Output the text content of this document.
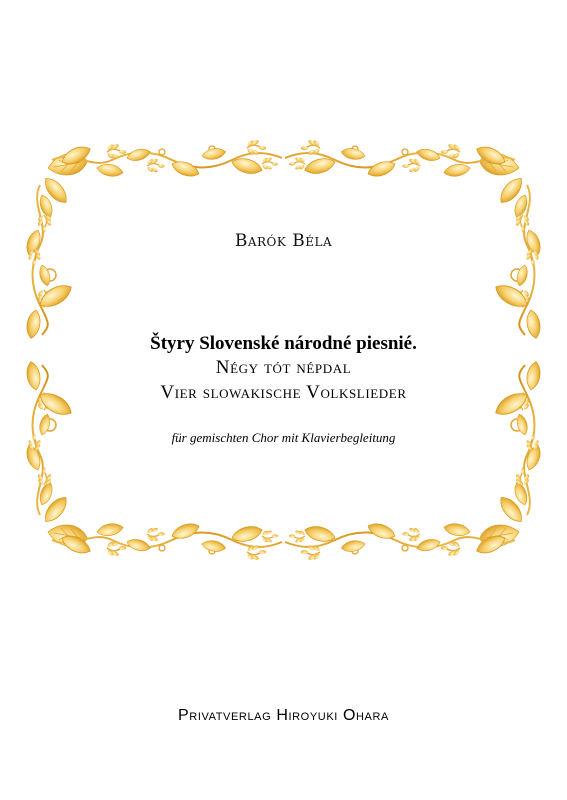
Barók Béla
Štyry Slovenské národné piesnié.
Négy tót népdal
Vier slowakische Volkslieder
für gemischten Chor mit Klavierbegleitung
Privatverlag Hiroyuki Ohara
